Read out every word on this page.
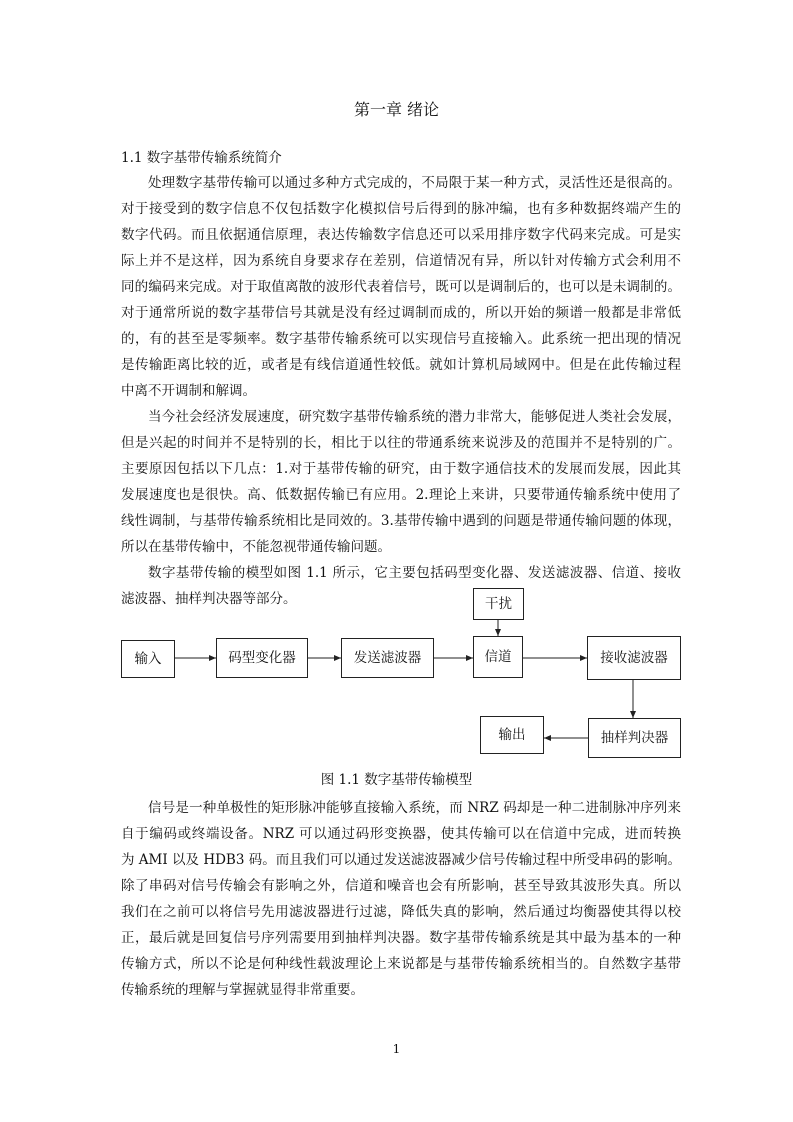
第一章 绪论
1.1 数字基带传输系统简介
处理数字基带传输可以通过多种方式完成的，不局限于某一种方式，灵活性还是很高的。
对于接受到的数字信息不仅包括数字化模拟信号后得到的脉冲编，也有多种数据终端产生的
数字代码。而且依据通信原理，表达传输数字信息还可以采用排序数字代码来完成。可是实
际上并不是这样，因为系统自身要求存在差别，信道情况有异，所以针对传输方式会利用不
同的编码来完成。对于取值离散的波形代表着信号，既可以是调制后的，也可以是未调制的。
对于通常所说的数字基带信号其就是没有经过调制而成的，所以开始的频谱一般都是非常低
的，有的甚至是零频率。数字基带传输系统可以实现信号直接输入。此系统一把出现的情况
是传输距离比较的近，或者是有线信道通性较低。就如计算机局域网中。但是在此传输过程
中离不开调制和解调。
当今社会经济发展速度，研究数字基带传输系统的潜力非常大，能够促进人类社会发展，
但是兴起的时间并不是特别的长，相比于以往的带通系统来说涉及的范围并不是特别的广。
主要原因包括以下几点：1.对于基带传输的研究，由于数字通信技术的发展而发展，因此其
发展速度也是很快。高、低数据传输已有应用。2.理论上来讲，只要带通传输系统中使用了
线性调制，与基带传输系统相比是同效的。3.基带传输中遇到的问题是带通传输问题的体现，
所以在基带传输中，不能忽视带通传输问题。
数字基带传输的模型如图 1.1 所示，它主要包括码型变化器、发送滤波器、信道、接收
滤波器、抽样判决器等部分。
输入	码型变化器	发送滤波器
干扰
信道	接收滤波器
抽样判决器
输出
图 1.1 数字基带传输模型
信号是一种单极性的矩形脉冲能够直接输入系统，而 NRZ 码却是一种二进制脉冲序列来
自于编码或终端设备。NRZ 可以通过码形变换器，使其传输可以在信道中完成，进而转换
为 AMI 以及 HDB3 码。而且我们可以通过发送滤波器减少信号传输过程中所受串码的影响。
除了串码对信号传输会有影响之外，信道和噪音也会有所影响，甚至导致其波形失真。所以
我们在之前可以将信号先用滤波器进行过滤，降低失真的影响，然后通过均衡器使其得以校
正，最后就是回复信号序列需要用到抽样判决器。数字基带传输系统是其中最为基本的一种
传输方式，所以不论是何种线性载波理论上来说都是与基带传输系统相当的。自然数字基带
传输系统的理解与掌握就显得非常重要。
1
